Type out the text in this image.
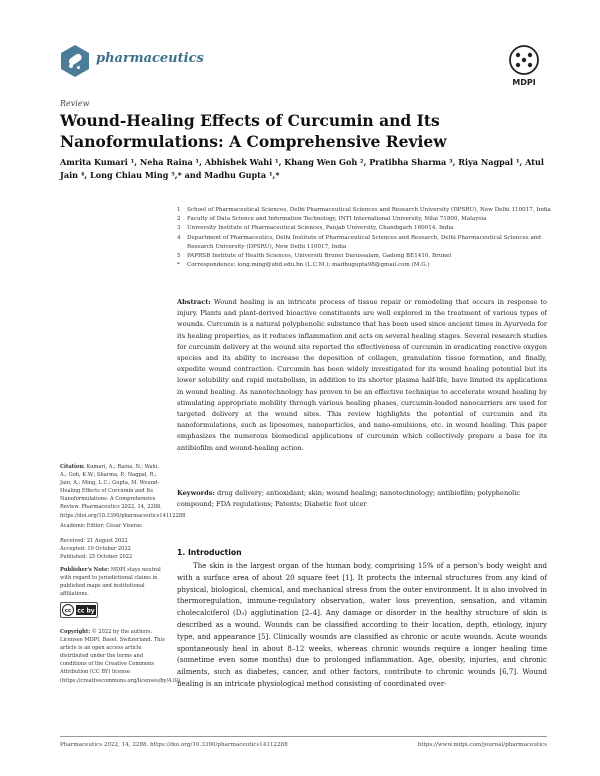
pharmaceutics
MDPI
Review
Wound-Healing Effects of Curcumin and Its Nanoformulations: A Comprehensive Review
Amrita Kumari ¹, Neha Raina ¹, Abhishek Wahi ¹, Khang Wen Goh ², Pratibha Sharma ³, Riya Nagpal ¹, Atul Jain ⁴, Long Chiau Ming ⁵,* and Madhu Gupta ¹,*
1	School of Pharmaceutical Sciences, Delhi Pharmaceutical Sciences and Research University (DPSRU), New Delhi 110017, India
2	Faculty of Data Science and Information Technology, INTI International University, Nilai 71800, Malaysia
3	University Institute of Pharmaceutical Sciences, Panjab University, Chandigarh 160014, India
4	Department of Pharmaceutics, Delhi Institute of Pharmaceutical Sciences and Research, Delhi Pharmaceutical Sciences and Research University (DPSRU), New Delhi 110017, India
5	PAPRSB Institute of Health Sciences, Universiti Brunei Darussalam, Gadong BE1410, Brunei
*	Correspondence: long.ming@ubd.edu.bn (L.C.M.); madhugupta98@gmail.com (M.G.)

Abstract: Wound healing is an intricate process of tissue repair or remodeling that occurs in response to injury. Plants and plant-derived bioactive constituents are well explored in the treatment of various types of wounds. Curcumin is a natural polyphenolic substance that has been used since ancient times in Ayurveda for its healing properties, as it reduces inflammation and acts on several healing stages. Several research studies for curcumin delivery at the wound site reported the effectiveness of curcumin in eradicating reactive oxygen species and its ability to increase the deposition of collagen, granulation tissue formation, and finally, expedite wound contraction. Curcumin has been widely investigated for its wound healing potential but its lower solubility and rapid metabolism, in addition to its shorter plasma half-life, have limited its applications in wound healing. As nanotechnology has proven to be an effective technique to accelerate wound healing by stimulating appropriate mobility through various healing phases, curcumin-loaded nanocarriers are used for targeted delivery at the wound sites. This review highlights the potential of curcumin and its nanoformulations, such as liposomes, nanoparticles, and nano-emulsions, etc. in wound healing. This paper emphasizes the numerous biomedical applications of curcumin which collectively prepare a base for its antibiofilm and wound-healing action.

Keywords: drug delivery; antioxidant; skin; wound healing; nanotechnology; antibiofilm; polyphenolic compound; FDA regulations; Patents; Diabetic foot ulcer

Citation: Kumari, A.; Raina, N.; Wahi, A.; Goh, K.W.; Sharma, P.; Nagpal, R.; Jain, A.; Ming, L.C.; Gupta, M. Wound-Healing Effects of Curcumin and Its Nanoformulations: A Comprehensive Review. Pharmaceutics 2022, 14, 2288. https://doi.org/10.3390/pharmaceutics14112288

Academic Editor: César Viseras
Received: 21 August 2022
Accepted: 10 October 2022
Published: 25 October 2022

Publisher's Note: MDPI stays neutral with regard to jurisdictional claims in published maps and institutional affiliations.

cc cc by

Copyright: © 2022 by the authors. Licensee MDPI, Basel, Switzerland. This article is an open access article distributed under the terms and conditions of the Creative Commons Attribution (CC BY) license (https://creativecommons.org/licenses/by/4.0/).

1. Introduction

The skin is the largest organ of the human body, comprising 15% of a person's body weight and with a surface area of about 20 square feet [1]. It protects the internal structures from any kind of physical, biological, chemical, and mechanical stress from the outer environment. It is also involved in thermoregulation, immune-regulatory observation, water loss prevention, sensation, and vitamin cholecalciferol (D₃) agglutination [2–4]. Any damage or disorder in the healthy structure of skin is described as a wound. Wounds can be classified according to their location, depth, etiology, injury type, and appearance [5]. Clinically wounds are classified as chronic or acute wounds. Acute wounds spontaneously heal in about 8–12 weeks, whereas chronic wounds require a longer healing time (sometime even some months) due to prolonged inflammation. Age, obesity, injuries, and chronic ailments, such as diabetes, cancer, and other factors, contribute to chronic wounds [6,7]. Wound healing is an intricate physiological method consisting of coordinated over-

Pharmaceutics 2022, 14, 2288. https://doi.org/10.3390/pharmaceutics14112288	https://www.mdpi.com/journal/pharmaceutics
